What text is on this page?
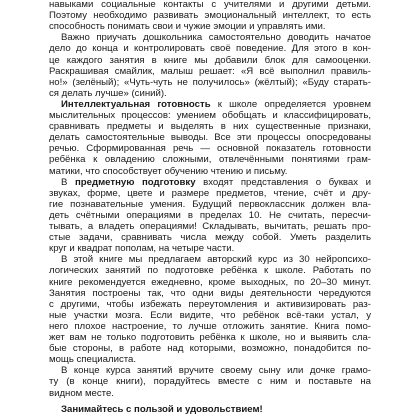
навыками социальные контакты с учителями и другими детьми.
Поэтому необходимо развивать эмоциональный интеллект, то есть
способность понимать свои и чужие эмоции и управлять ими.
Важно приучать дошкольника самостоятельно доводить начатое
дело до конца и контролировать своё поведение. Для этого в кон-
це каждого занятия в книге мы добавили блок для самооценки.
Раскрашивая смайлик, малыш решает: «Я всё выполнил правиль-
но!» (зелёный); «Чуть-чуть не получилось» (жёлтый); «Буду старать-
ся делать лучше» (синий).
Интеллектуальная готовность к школе определяется уровнем
мыслительных процессов: умением обобщать и классифицировать,
сравнивать предметы и выделять в них существенные признаки,
делать самостоятельные выводы. Все эти процессы опосредованы
речью. Сформированная речь — основной показатель готовности
ребёнка к овладению сложными, отвлечёнными понятиями грам-
матики, что способствует обучению чтению и письму.
В предметную подготовку входят представления о буквах и
звуках, форме, цвете и размере предметов, чтение, счёт и дру-
гие познавательные умения. Будущий первоклассник должен вла-
деть счётными операциями в пределах 10. Не считать, пересчи-
тывать, а владеть операциями! Складывать, вычитать, решать про-
стые задачи, сравнивать числа между собой. Уметь разделить
круг и квадрат пополам, на четыре части.
В этой книге мы предлагаем авторский курс из 30 нейропсихо-
логических занятий по подготовке ребёнка к школе. Работать по
книге рекомендуется ежедневно, кроме выходных, по 20–30 минут.
Занятия построены так, что одни виды деятельности чередуются
с другими, чтобы избежать переутомления и активизировать раз-
ные участки мозга. Если видите, что ребёнок всё-таки устал, у
него плохое настроение, то лучше отложить занятие. Книга помо-
жет вам не только подготовить ребёнка к школе, но и выявить сла-
бые стороны, в работе над которыми, возможно, понадобится по-
мощь специалиста.
В конце курса занятий вручите своему сыну или дочке грамо-
ту (в конце книги), порадуйтесь вместе с ним и поставьте на
видном месте.
Занимайтесь с пользой и удовольствием!
